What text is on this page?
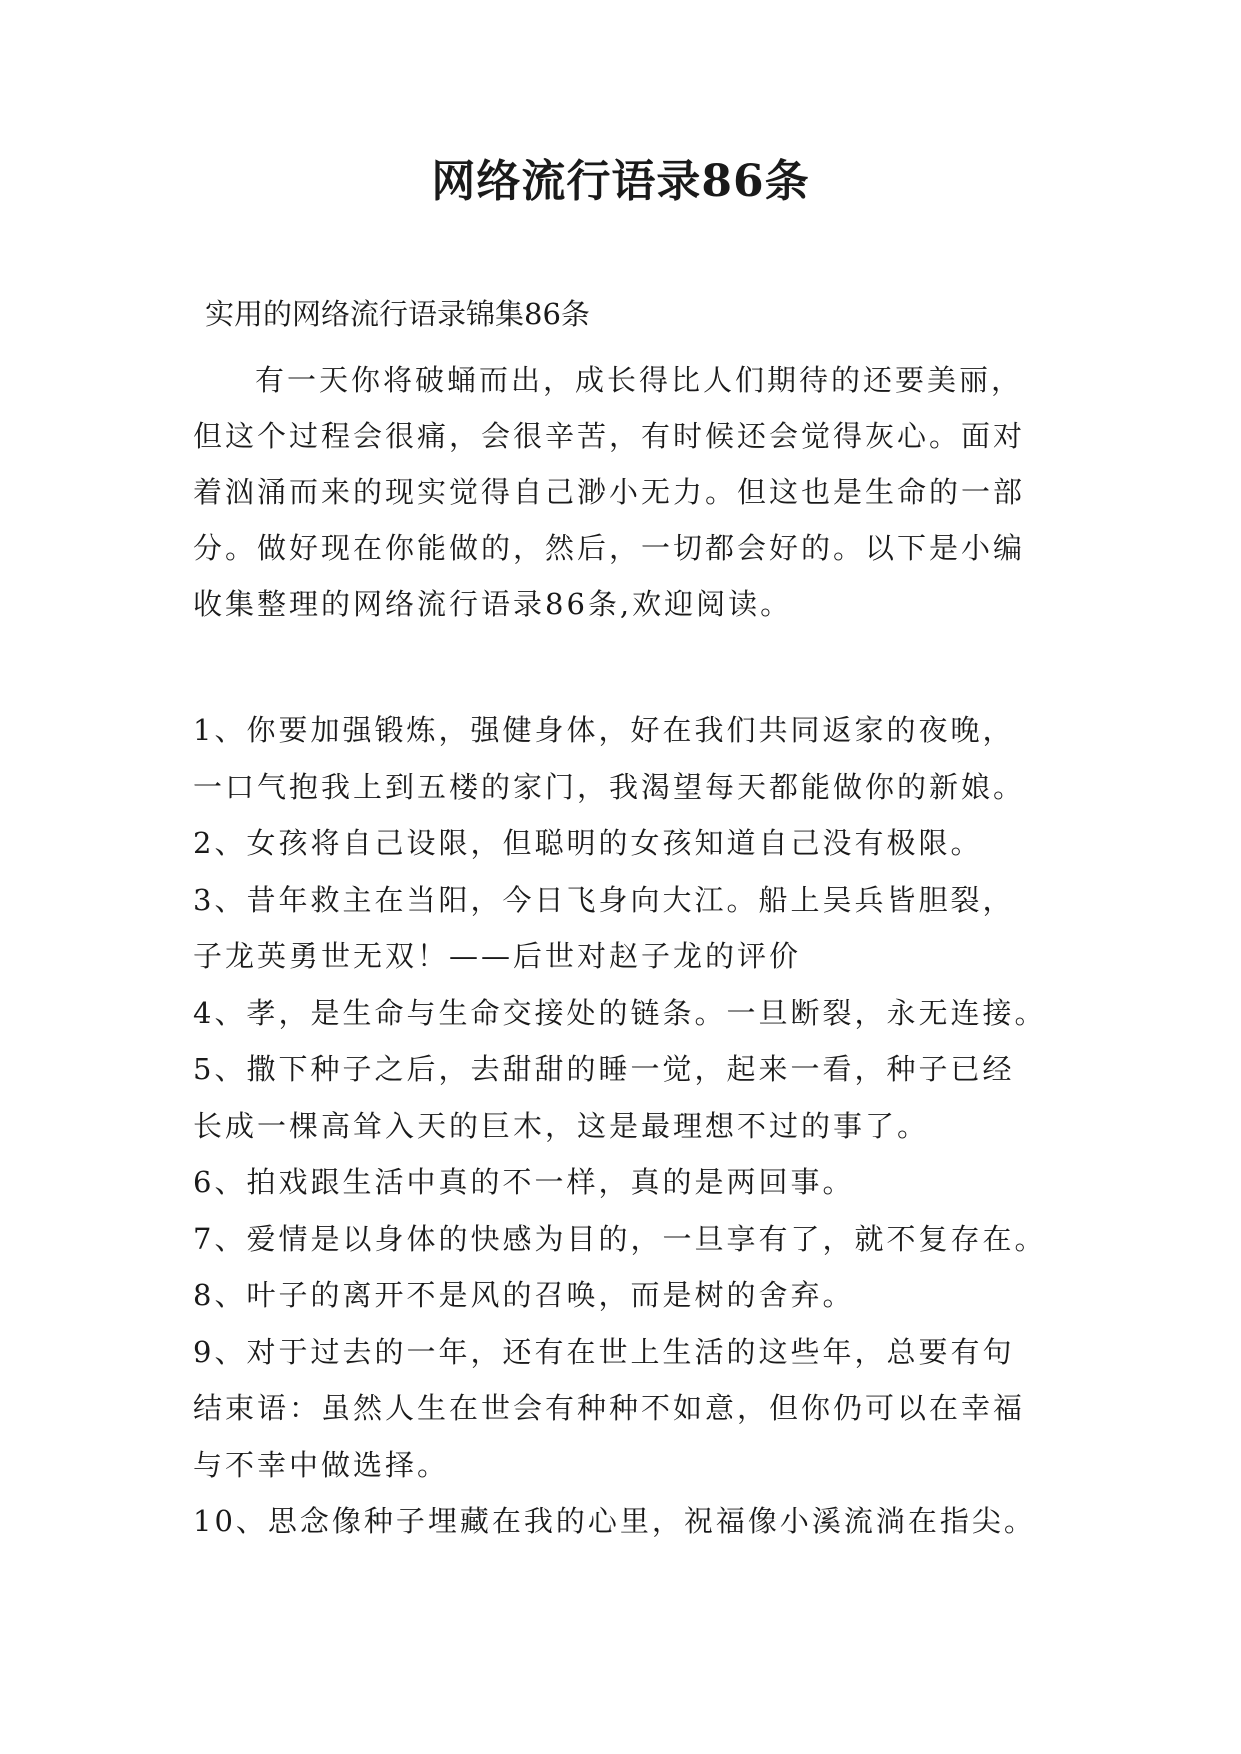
网络流行语录86条

实用的网络流行语录锦集86条

有一天你将破蛹而出，成长得比人们期待的还要美丽，
但这个过程会很痛，会很辛苦，有时候还会觉得灰心。面对
着汹涌而来的现实觉得自己渺小无力。但这也是生命的一部
分。做好现在你能做的，然后，一切都会好的。以下是小编
收集整理的网络流行语录86条,欢迎阅读。

1、你要加强锻炼，强健身体，好在我们共同返家的夜晚，
一口气抱我上到五楼的家门，我渴望每天都能做你的新娘。
2、女孩将自己设限，但聪明的女孩知道自己没有极限。
3、昔年救主在当阳，今日飞身向大江。船上吴兵皆胆裂，
子龙英勇世无双！——后世对赵子龙的评价
4、孝，是生命与生命交接处的链条。一旦断裂，永无连接。
5、撒下种子之后，去甜甜的睡一觉，起来一看，种子已经
长成一棵高耸入天的巨木，这是最理想不过的事了。
6、拍戏跟生活中真的不一样，真的是两回事。
7、爱情是以身体的快感为目的，一旦享有了，就不复存在。
8、叶子的离开不是风的召唤，而是树的舍弃。
9、对于过去的一年，还有在世上生活的这些年，总要有句
结束语：虽然人生在世会有种种不如意，但你仍可以在幸福
与不幸中做选择。
10、思念像种子埋藏在我的心里，祝福像小溪流淌在指尖。
